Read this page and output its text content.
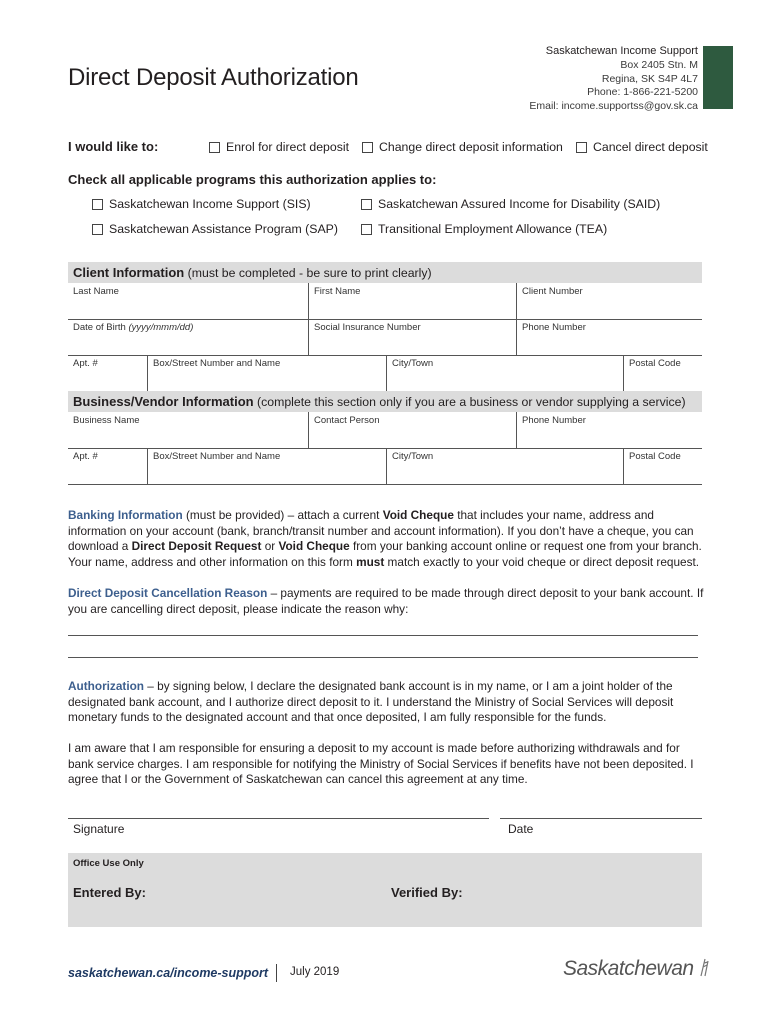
Direct Deposit Authorization
Saskatchewan Income Support
Box 2405 Stn. M
Regina, SK S4P 4L7
Phone: 1-866-221-5200
Email: income.supportss@gov.sk.ca
I would like to:	Enrol for direct deposit Change direct deposit information Cancel direct deposit
Check all applicable programs this authorization applies to:
Saskatchewan Income Support (SIS)	Saskatchewan Assured Income for Disability (SAID)
Saskatchewan Assistance Program (SAP)	Transitional Employment Allowance (TEA)
Client Information (must be completed - be sure to print clearly)
Last Name	First Name	Client Number
Date of Birth (yyyy/mmm/dd)	Social Insurance Number	Phone Number
Apt. #	Box/Street Number and Name	City/Town	Postal Code
Business/Vendor Information (complete this section only if you are a business or vendor supplying a service)
Business Name	Contact Person	Phone Number
Apt. #	Box/Street Number and Name	City/Town	Postal Code
Banking Information (must be provided) – attach a current Void Cheque that includes your name, address and information on your account (bank, branch/transit number and account information). If you don’t have a cheque, you can download a Direct Deposit Request or Void Cheque from your banking account online or request one from your branch. Your name, address and other information on this form must match exactly to your void cheque or direct deposit request.
Direct Deposit Cancellation Reason – payments are required to be made through direct deposit to your bank account. If you are cancelling direct deposit, please indicate the reason why:
Authorization – by signing below, I declare the designated bank account is in my name, or I am a joint holder of the designated bank account, and I authorize direct deposit to it. I understand the Ministry of Social Services will deposit monetary funds to the designated account and that once deposited, I am fully responsible for the funds.
I am aware that I am responsible for ensuring a deposit to my account is made before authorizing withdrawals and for bank service charges. I am responsible for notifying the Ministry of Social Services if benefits have not been deposited. I agree that I or the Government of Saskatchewan can cancel this agreement at any time.
Signature	Date
Office Use Only
Entered By:	Verified By:
saskatchewan.ca/income-support July 2019	Saskatchewan
